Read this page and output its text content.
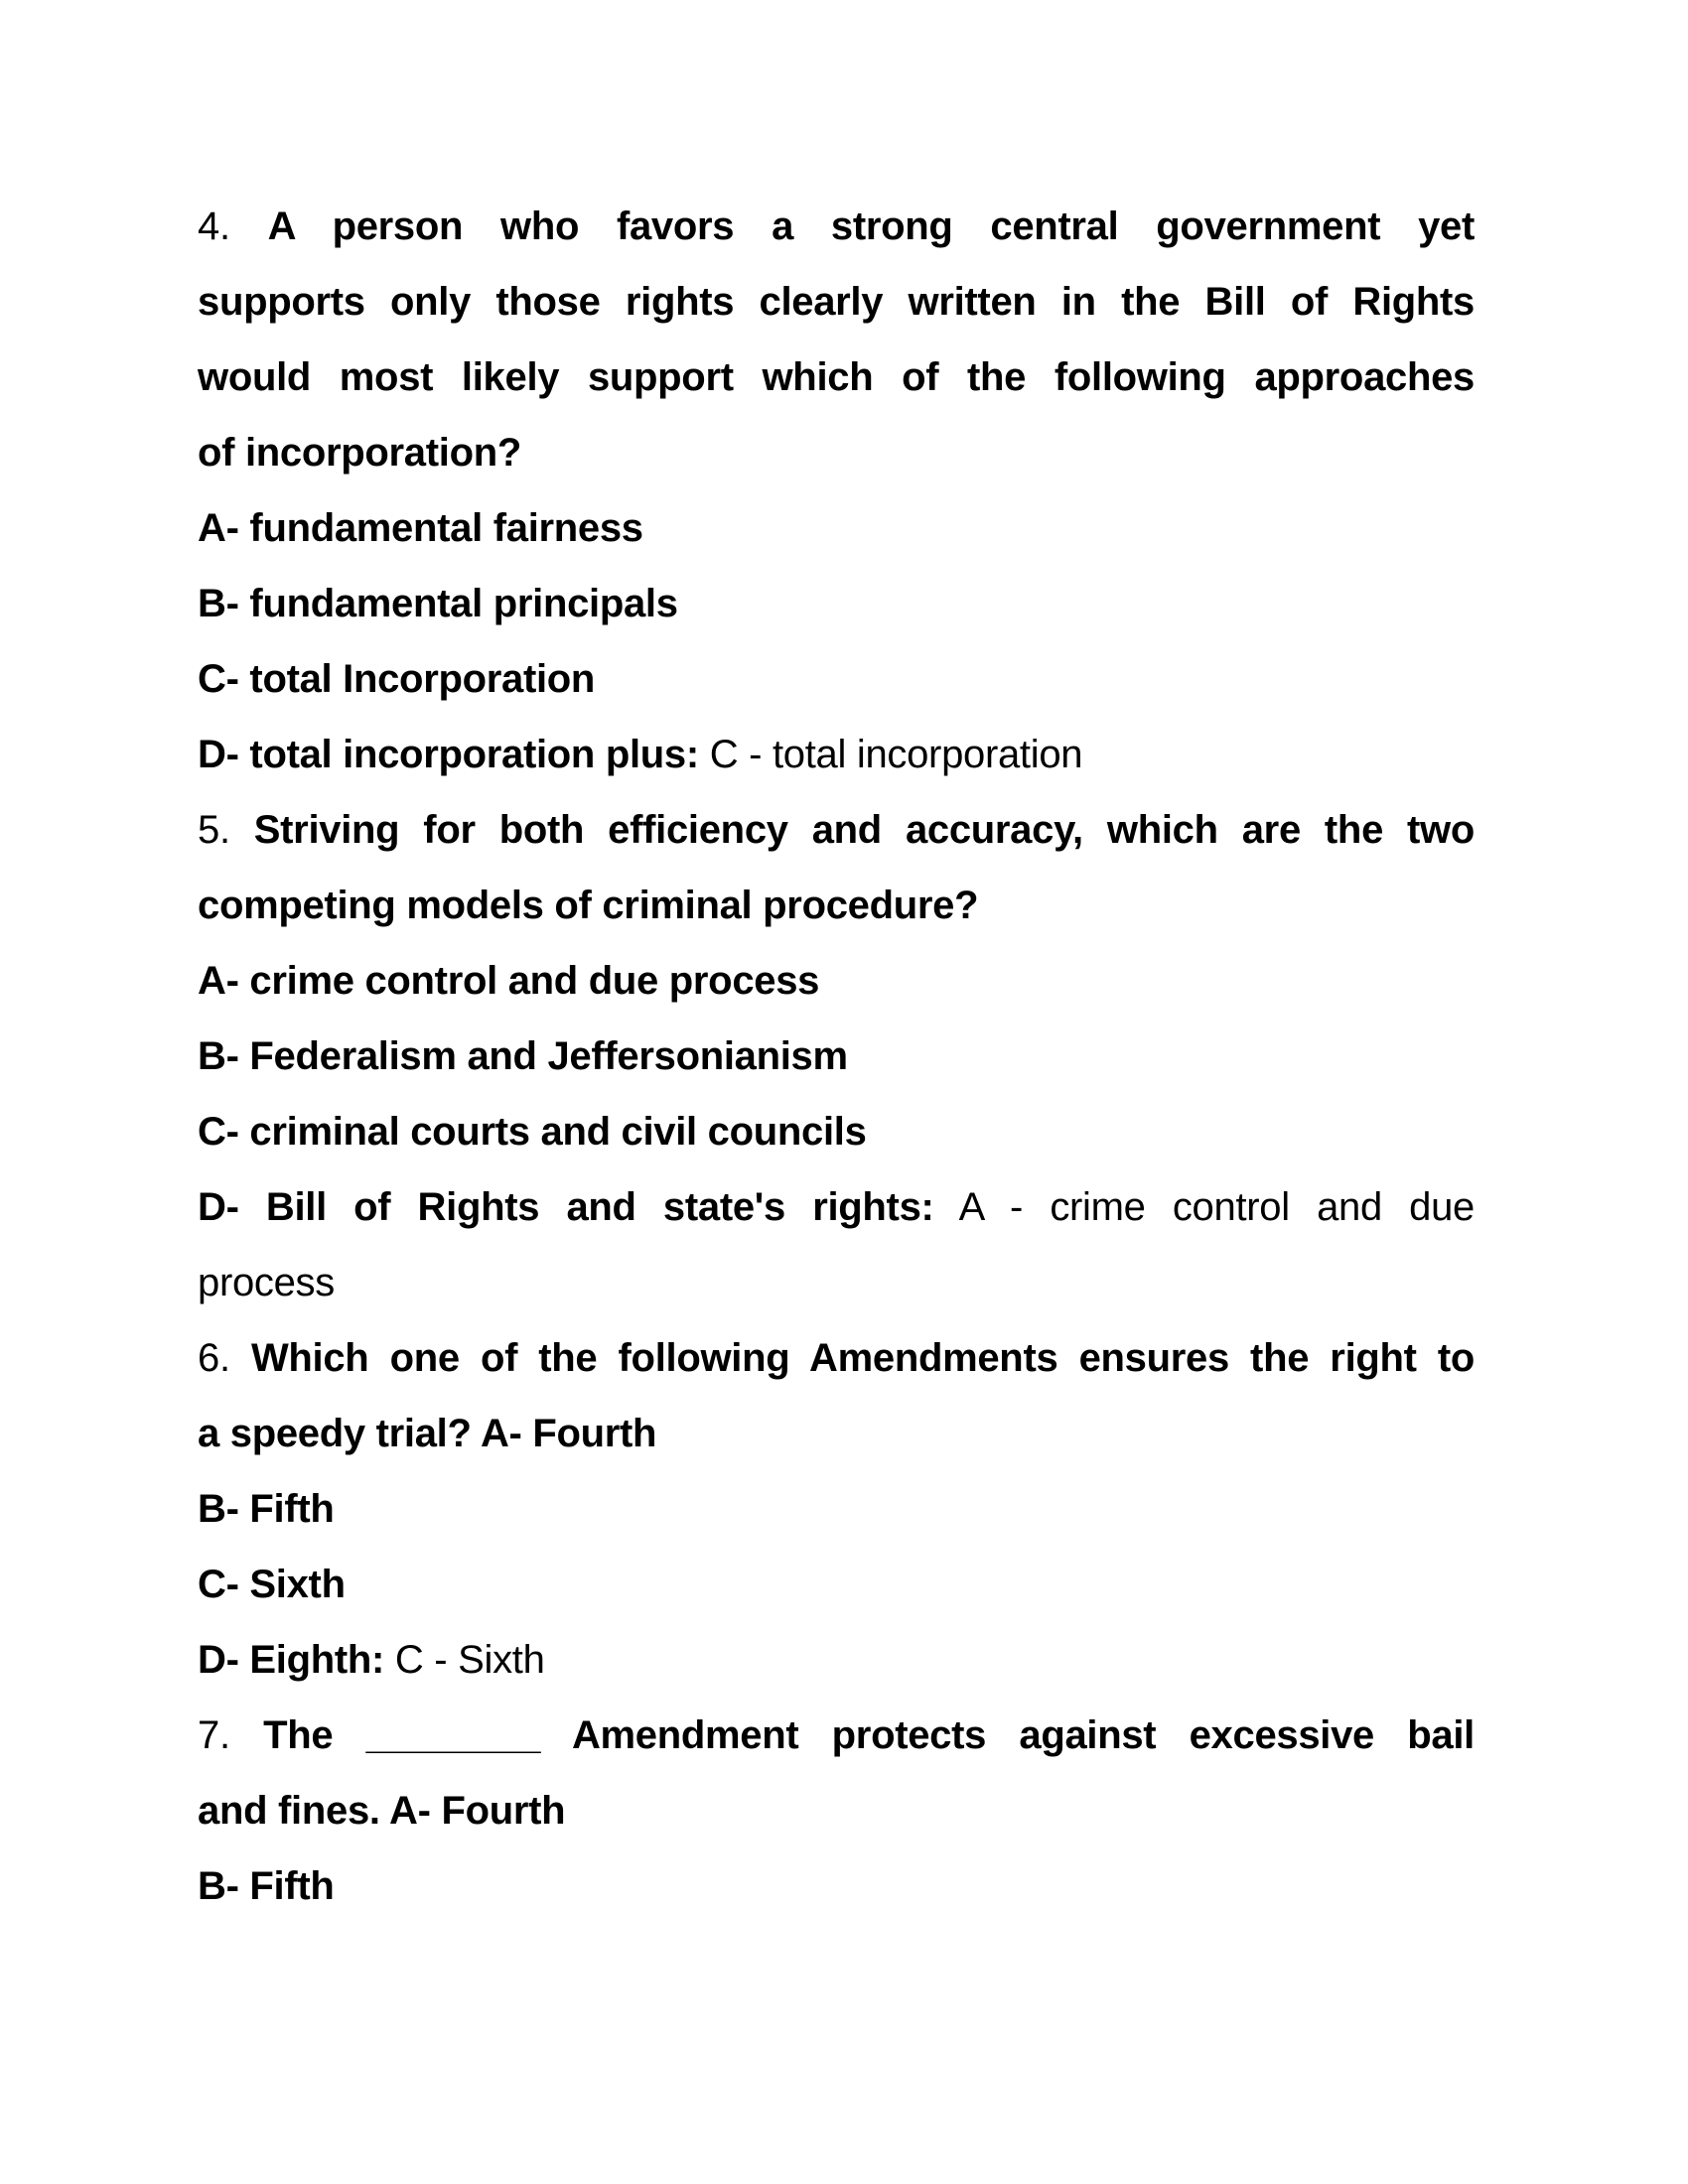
4. A person who favors a strong central government yet
supports only those rights clearly written in the Bill of Rights
would most likely support which of the following approaches
of incorporation?
A- fundamental fairness
B- fundamental principals
C- total Incorporation
D- total incorporation plus: C - total incorporation
5. Striving for both efficiency and accuracy, which are the two
competing models of criminal procedure?
A- crime control and due process
B- Federalism and Jeffersonianism
C- criminal courts and civil councils
D- Bill of Rights and state's rights: A - crime control and due
process
6. Which one of the following Amendments ensures the right to
a speedy trial? A- Fourth
B- Fifth
C- Sixth
D- Eighth: C - Sixth
7. The ________ Amendment protects against excessive bail
and fines. A- Fourth
B- Fifth
